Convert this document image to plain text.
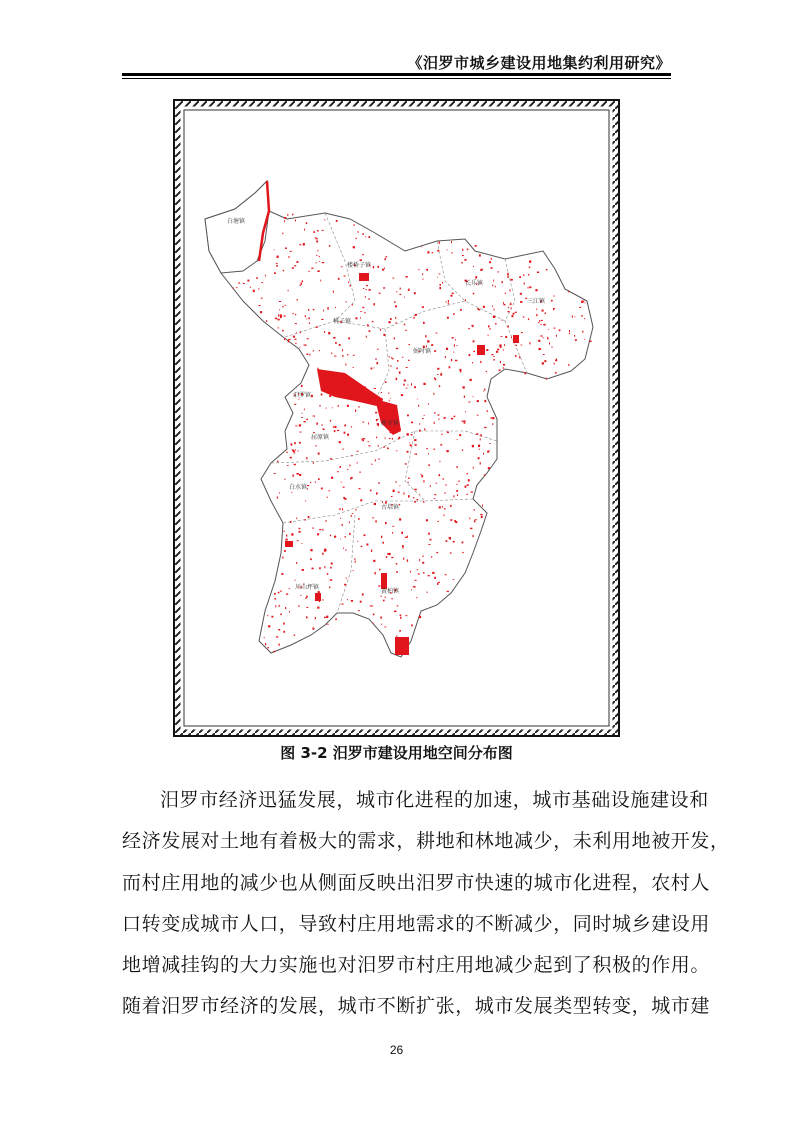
《汨罗市城乡建设用地集约利用研究》
白塘镇
楼桥子镇
长乐镇
三江镇
桃子镇
弼时镇
汨罗镇
新市镇
屈原镇
白水镇
古培镇
川山坪镇
黄柏镇
图 3-2 汨罗市建设用地空间分布图
汨罗市经济迅猛发展，城市化进程的加速，城市基础设施建设和
经济发展对土地有着极大的需求，耕地和林地减少，未利用地被开发，
而村庄用地的减少也从侧面反映出汨罗市快速的城市化进程，农村人
口转变成城市人口，导致村庄用地需求的不断减少，同时城乡建设用
地增减挂钩的大力实施也对汨罗市村庄用地减少起到了积极的作用。
随着汨罗市经济的发展，城市不断扩张，城市发展类型转变，城市建
26
